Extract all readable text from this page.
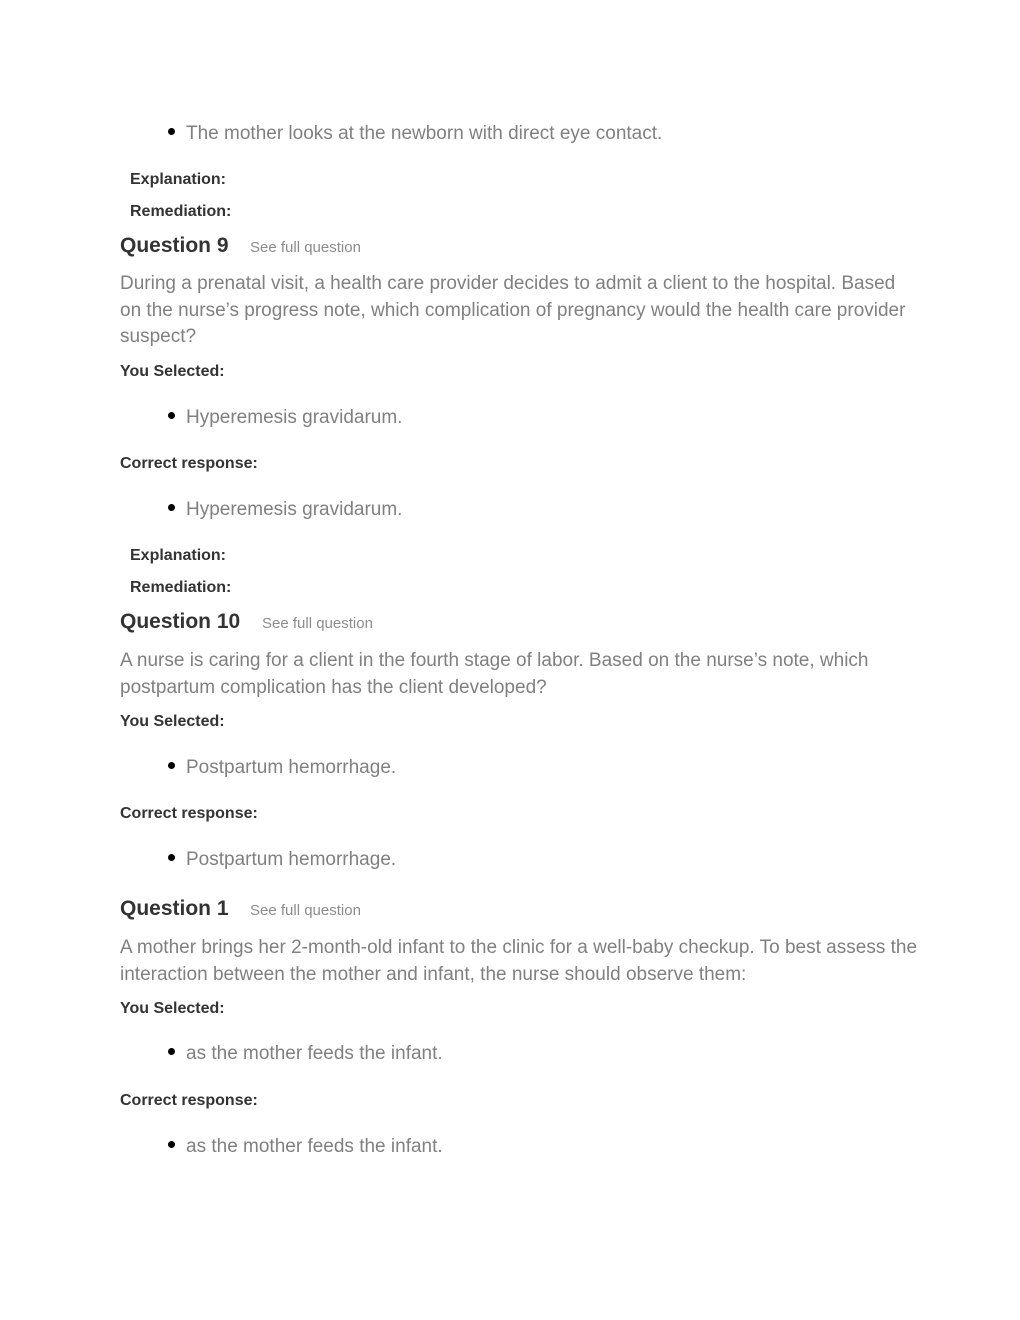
The mother looks at the newborn with direct eye contact.
Explanation:
Remediation:
Question 9 See full question
During a prenatal visit, a health care provider decides to admit a client to the hospital. Based on the nurse’s progress note, which complication of pregnancy would the health care provider suspect?
You Selected:
Hyperemesis gravidarum.
Correct response:
Hyperemesis gravidarum.
Explanation:
Remediation:
Question 10 See full question
A nurse is caring for a client in the fourth stage of labor. Based on the nurse’s note, which postpartum complication has the client developed?
You Selected:
Postpartum hemorrhage.
Correct response:
Postpartum hemorrhage.
Question 1 See full question
A mother brings her 2-month-old infant to the clinic for a well-baby checkup. To best assess the interaction between the mother and infant, the nurse should observe them:
You Selected:
as the mother feeds the infant.
Correct response:
as the mother feeds the infant.
